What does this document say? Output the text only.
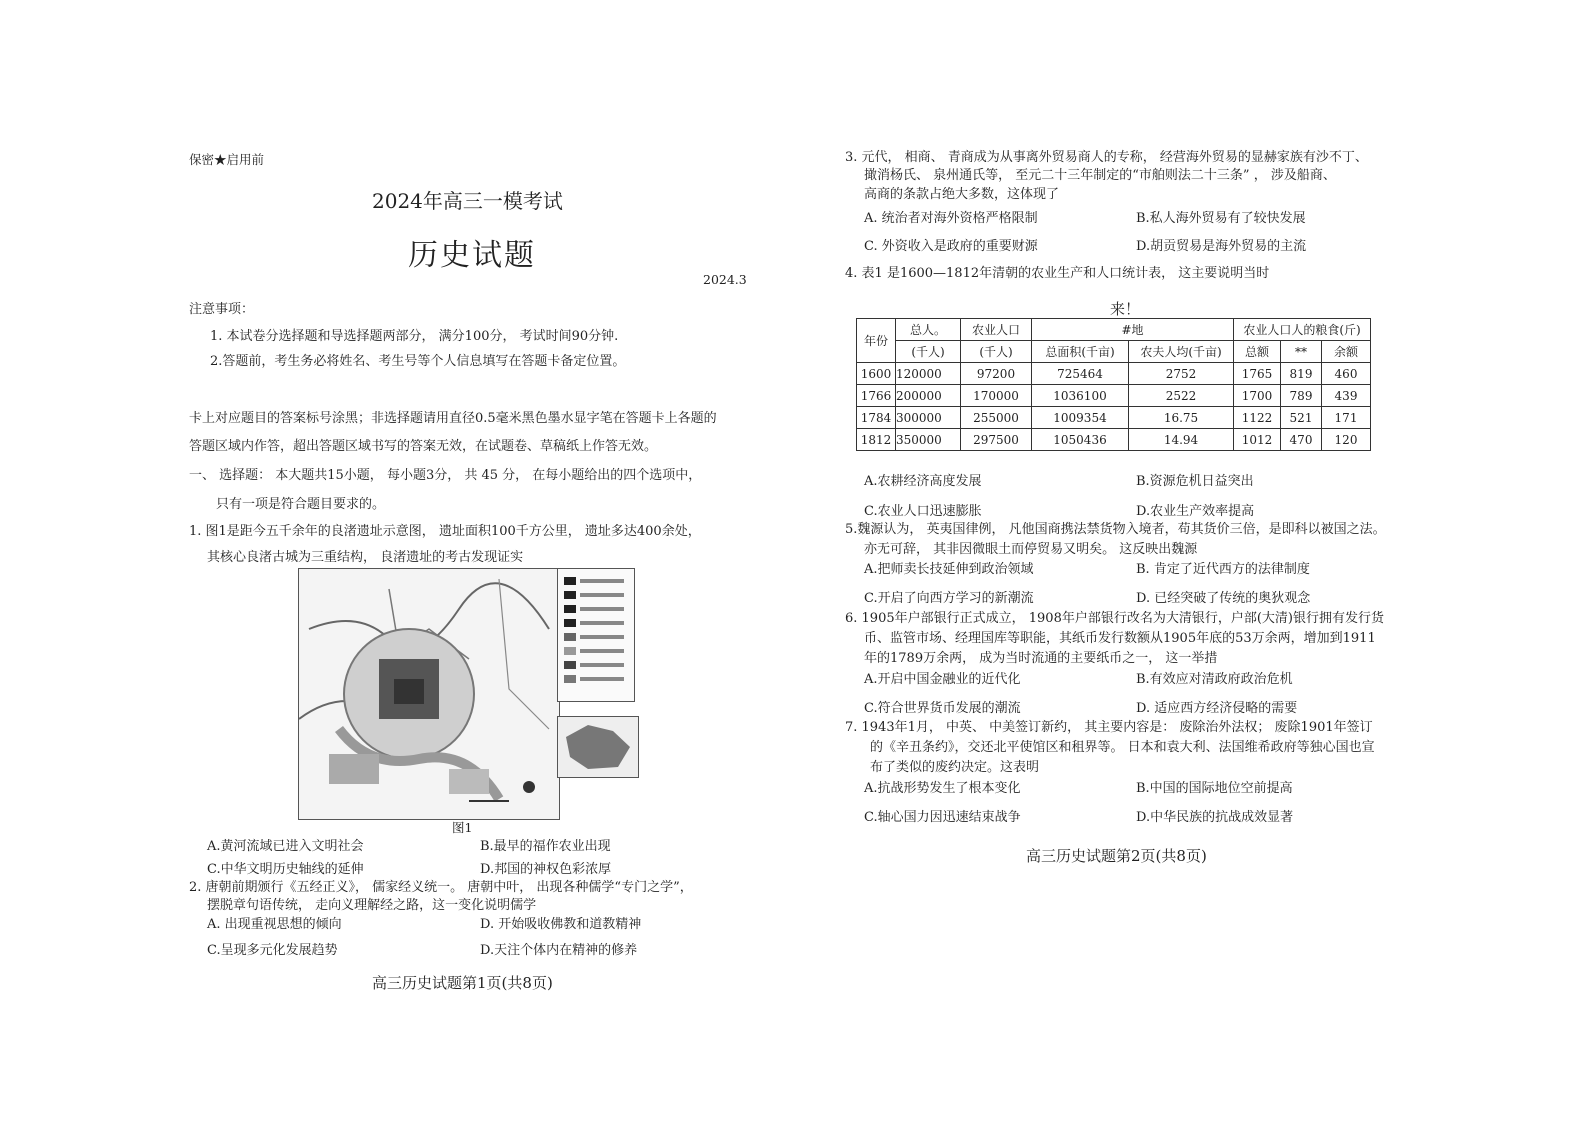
保密★启用前
2024年高三一模考试
历史试题
2024.3
注意事项：
1. 本试卷分选择题和导选择题两部分， 满分100分， 考试时间90分钟.
2.答题前，考生务必将姓名、考生号等个人信息填写在答题卡备定位置。
卡上对应题目的答案标号涂黑；非选择题请用直径0.5毫米黑色墨水显字笔在答题卡上各题的
答题区域内作答，超出答题区域书写的答案无效，在试题卷、草稿纸上作答无效。
一、 选择题： 本大题共15小题， 每小题3分， 共 45 分， 在每小题给出的四个选项中，
只有一项是符合题目要求的。
1. 图1是距今五千余年的良渚遗址示意图， 遗址面积100千方公里， 遗址多达400余处，
其核心良渚古城为三重结构， 良渚遗址的考古发现证实
图1
A.黄河流域已进入文明社会	B.最早的福作农业出现
C.中华文明历史轴线的延伸	D.邦国的神权色彩浓厚
2. 唐朝前期颁行《五经正义》， 儒家经义统一。 唐朝中叶， 出现各种儒学“专门之学”，
摆脱章句语传统， 走向义理解经之路，这一变化说明儒学
A. 出现重视思想的倾向	D. 开始吸收佛教和道教精神
C.呈现多元化发展趋势	D.天注个体内在精神的修养
高三历史试题第1页(共8页)
3. 元代， 相商、 青商成为从事离外贸易商人的专称， 经营海外贸易的显赫家族有沙不丁、
撖消杨氏、 泉州通氏等， 至元二十三年制定的“市舶则法二十三条” ， 涉及船商、
高商的条款占绝大多数，这体现了
A. 统治者对海外资格严格限制	B.私人海外贸易有了较快发展
C. 外资收入是政府的重要财源	D.胡贡贸易是海外贸易的主流
4. 表1 是1600—1812年清朝的农业生产和人口统计表， 这主要说明当时
来！
年份	总人。	农业人口	#地		农业人口人的粮食(斤)		
	(千人)	(千人)	总面积(千亩)	农夫人均(千亩)	总额	**	余额
1600	120000	97200	725464	2752	1765	819	460
1766	200000	170000	1036100	2522	1700	789	439
1784	300000	255000	1009354	16.75	1122	521	171
1812	350000	297500	1050436	14.94	1012	470	120
A.农耕经济高度发展	B.资源危机日益突出
C.农业人口迅速膨胀	D.农业生产效率提高
5.魏源认为， 英夷国律例， 凡他国商携法禁货物入境者，苟其货价三倍，是即科以被国之法。
亦无可辞， 其非因微眼土而停贸易又明矣。 这反映出魏源
A.把师卖长技延伸到政治领域	B. 肯定了近代西方的法律制度
C.开启了向西方学习的新潮流	D. 已经突破了传统的奥狄观念
6. 1905年户部银行正式成立， 1908年户部银行改名为大清银行，户部(大清)银行拥有发行货
币、监管市场、经理国库等职能，其纸币发行数额从1905年底的53万余两，增加到1911
年的1789万余两， 成为当时流通的主要纸币之一， 这一举措
A.开启中国金融业的近代化	B.有效应对清政府政治危机
C.符合世界货币发展的潮流	D. 适应西方经济侵略的需要
7. 1943年1月， 中英、 中美签订新约， 其主要内容是： 废除治外法权； 废除1901年签订
的《辛丑条约》，交还北平使馆区和租界等。 日本和袁大利、法国维希政府等独心国也宣
布了类似的废约决定。这表明
A.抗战形势发生了根本变化	B.中国的国际地位空前提高
C.轴心国力因迅速结束战争	D.中华民族的抗战成效显著
高三历史试题第2页(共8页)
